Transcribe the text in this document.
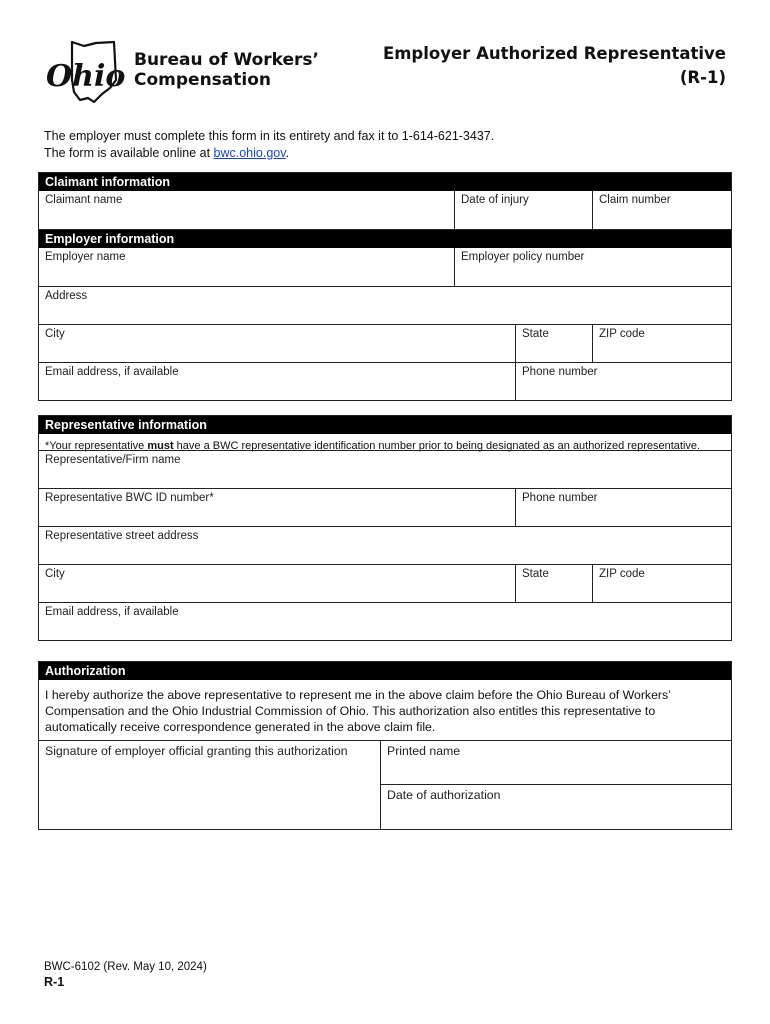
Ohio Bureau of Workers’
Compensation
Employer Authorized Representative
(R-1)
The employer must complete this form in its entirety and fax it to 1-614-621-3437.
The form is available online at bwc.ohio.gov.
Claimant information
Claimant name	Date of injury	Claim number
Employer information
Employer name	Employer policy number
Address
City	State	ZIP code
Email address, if available	Phone number
Representative information
*Your representative must have a BWC representative identification number prior to being designated as an authorized representative.
Representative/Firm name
Representative BWC ID number*	Phone number
Representative street address
City	State	ZIP code
Email address, if available
Authorization
I hereby authorize the above representative to represent me in the above claim before the Ohio Bureau of Workers’ Compensation and the Ohio Industrial Commission of Ohio. This authorization also entitles this representative to automatically receive correspondence generated in the above claim file.
Signature of employer official granting this authorization	Printed name
Date of authorization
BWC-6102 (Rev. May 10, 2024)
R-1
